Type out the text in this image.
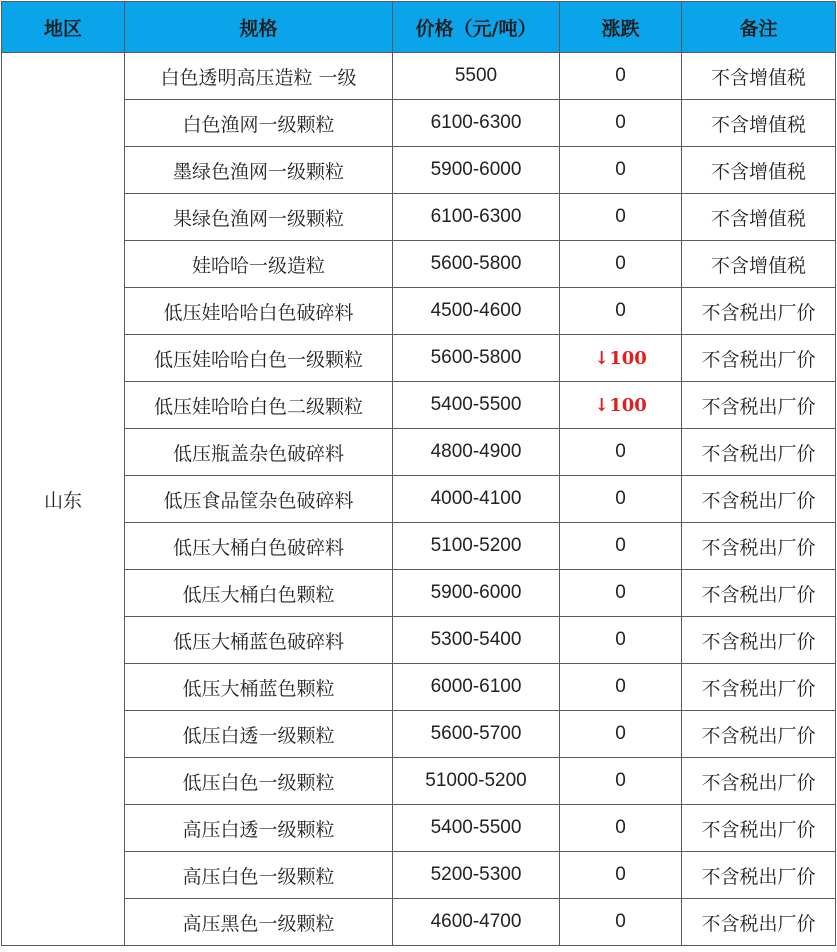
地区	规格	价格（元/吨）	涨跌	备注
山东	白色透明高压造粒 一级	5500	0	不含增值税
	白色渔网一级颗粒	6100-6300	0	不含增值税
	墨绿色渔网一级颗粒	5900-6000	0	不含增值税
	果绿色渔网一级颗粒	6100-6300	0	不含增值税
	娃哈哈一级造粒	5600-5800	0	不含增值税
	低压娃哈哈白色破碎料	4500-4600	0	不含税出厂价
	低压娃哈哈白色一级颗粒	5600-5800	↓100	不含税出厂价
	低压娃哈哈白色二级颗粒	5400-5500	↓100	不含税出厂价
	低压瓶盖杂色破碎料	4800-4900	0	不含税出厂价
	低压食品筐杂色破碎料	4000-4100	0	不含税出厂价
	低压大桶白色破碎料	5100-5200	0	不含税出厂价
	低压大桶白色颗粒	5900-6000	0	不含税出厂价
	低压大桶蓝色破碎料	5300-5400	0	不含税出厂价
	低压大桶蓝色颗粒	6000-6100	0	不含税出厂价
	低压白透一级颗粒	5600-5700	0	不含税出厂价
	低压白色一级颗粒	51000-5200	0	不含税出厂价
	高压白透一级颗粒	5400-5500	0	不含税出厂价
	高压白色一级颗粒	5200-5300	0	不含税出厂价
	高压黑色一级颗粒	4600-4700	0	不含税出厂价
